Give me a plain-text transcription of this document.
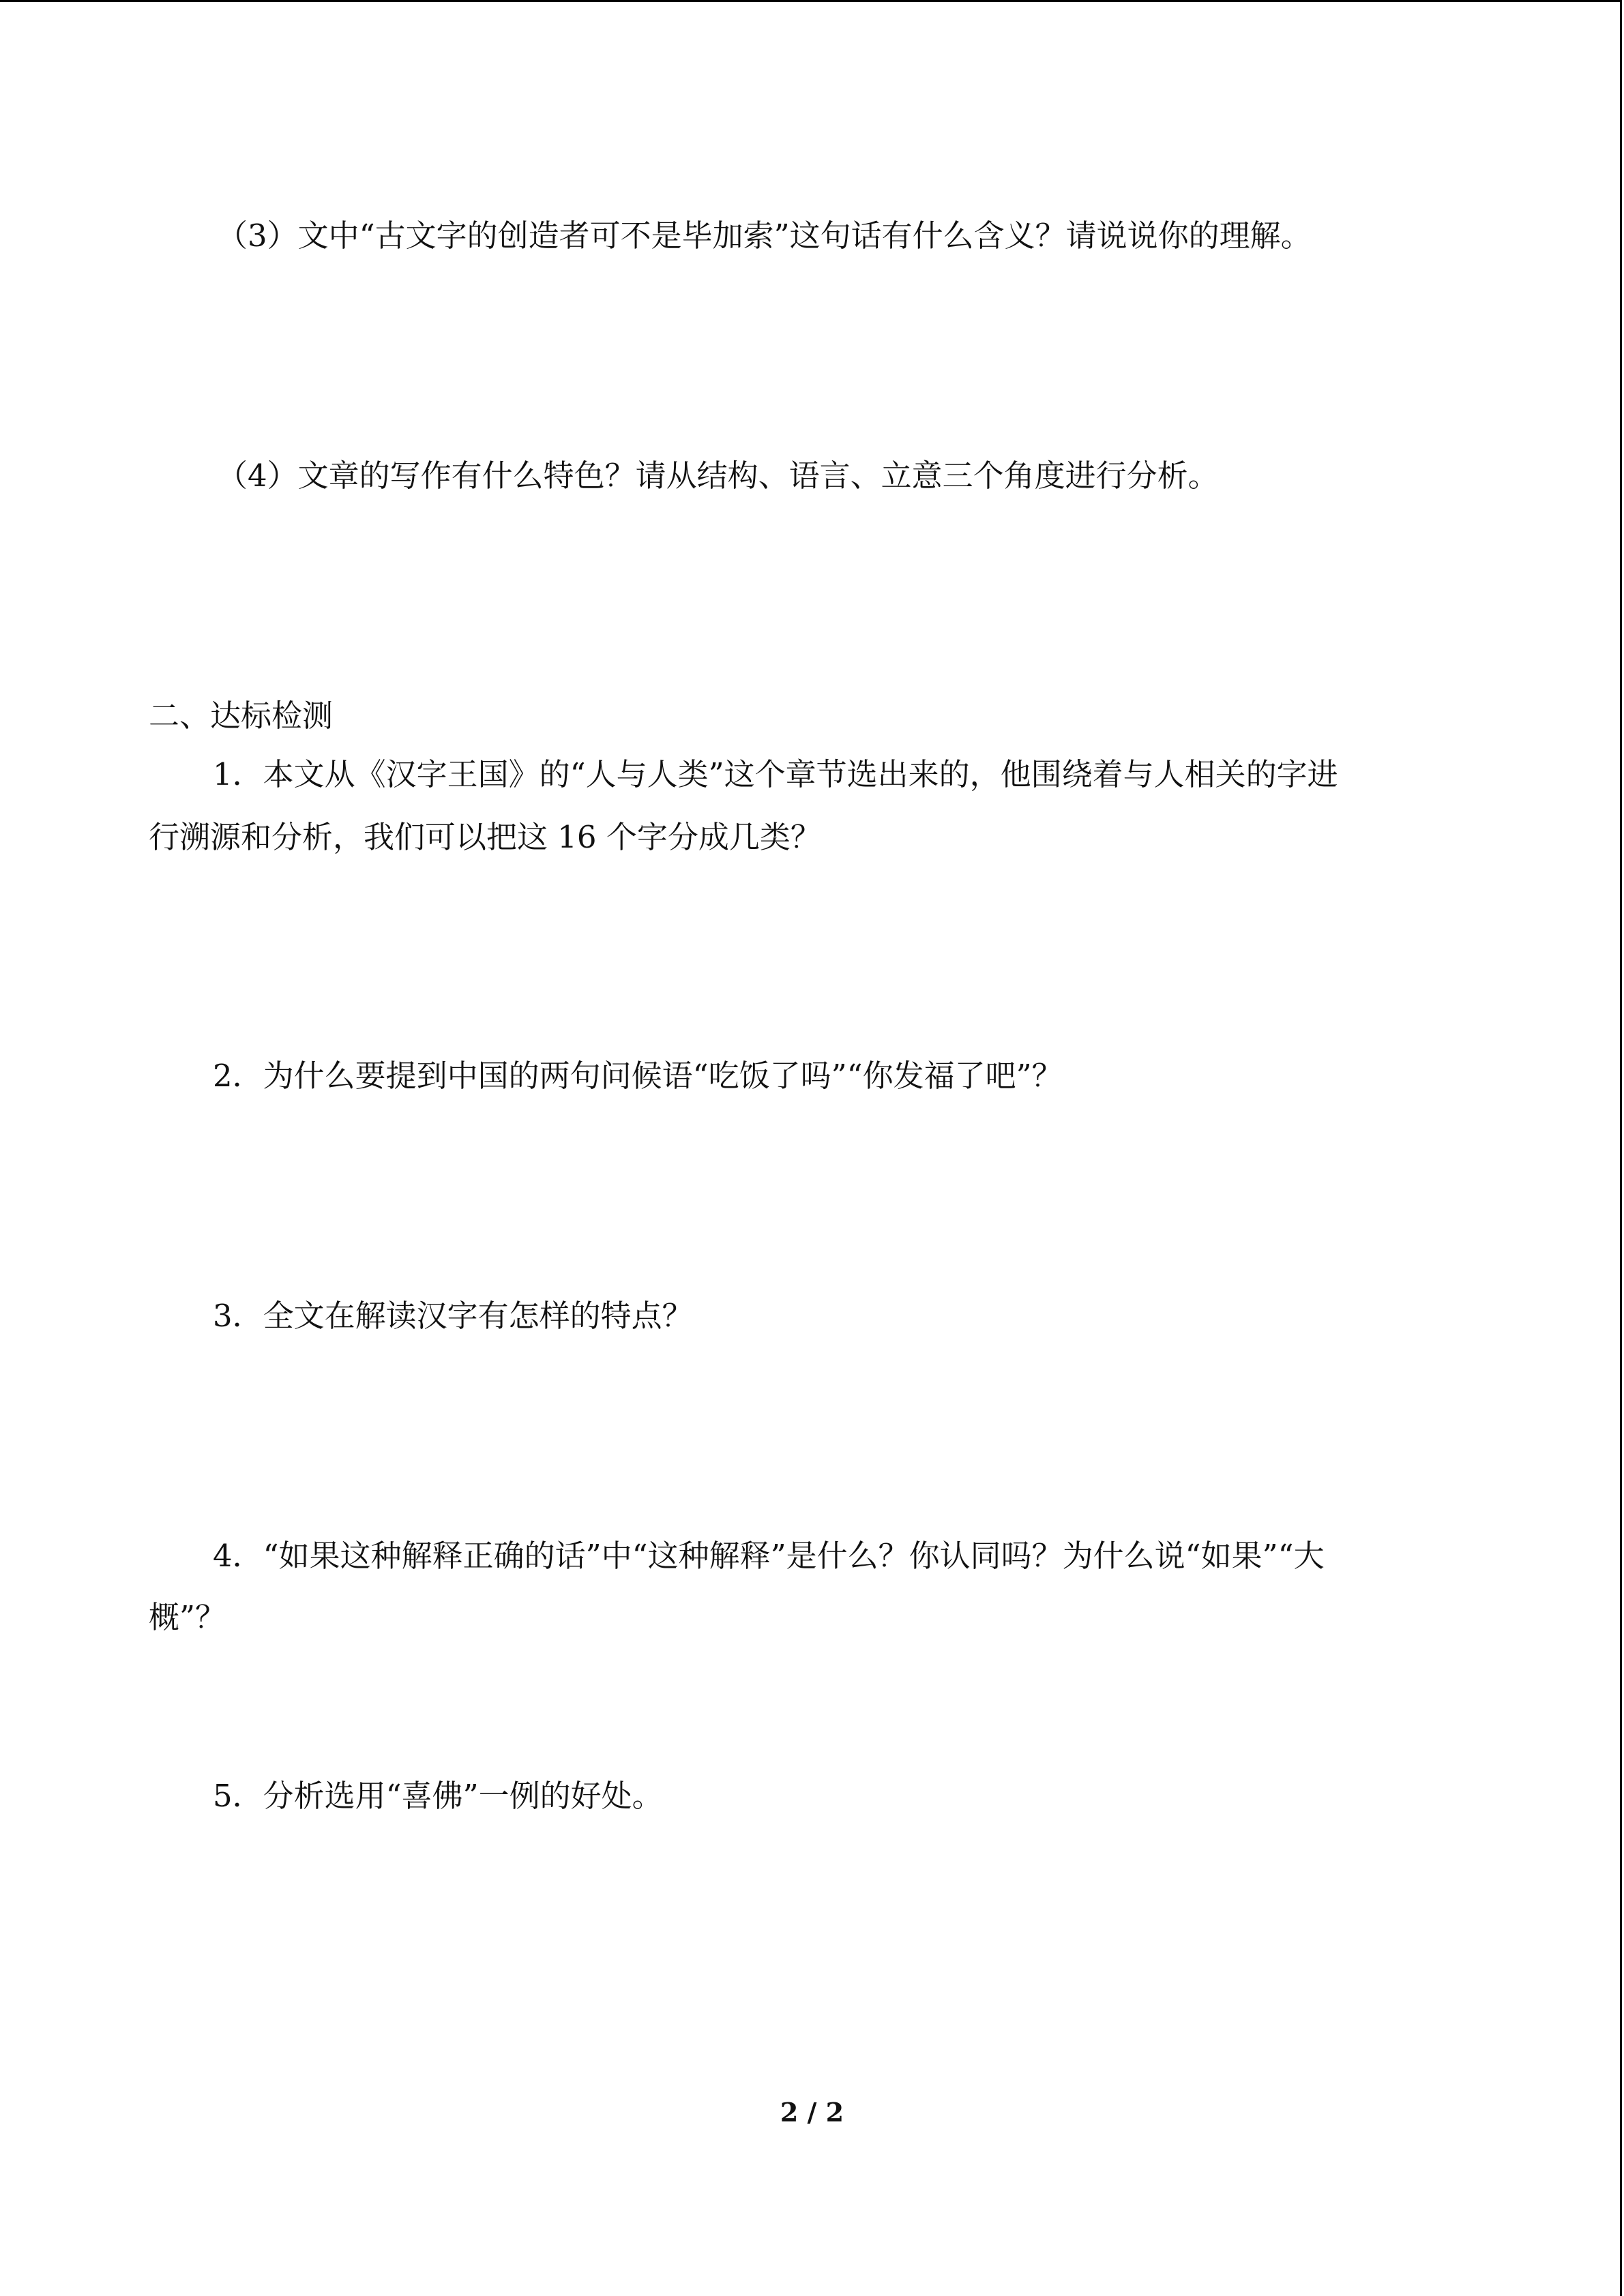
（3）文中“古文字的创造者可不是毕加索”这句话有什么含义？请说说你的理解。
（4）文章的写作有什么特色？请从结构、语言、立意三个角度进行分析。
二、达标检测
1．本文从《汉字王国》的“人与人类”这个章节选出来的，他围绕着与人相关的字进
行溯源和分析，我们可以把这 16 个字分成几类？
2．为什么要提到中国的两句问候语“吃饭了吗”“你发福了吧”？
3．全文在解读汉字有怎样的特点？
4．“如果这种解释正确的话”中“这种解释”是什么？你认同吗？为什么说“如果”“大
概”？
5．分析选用“喜佛”一例的好处。
2 / 2
